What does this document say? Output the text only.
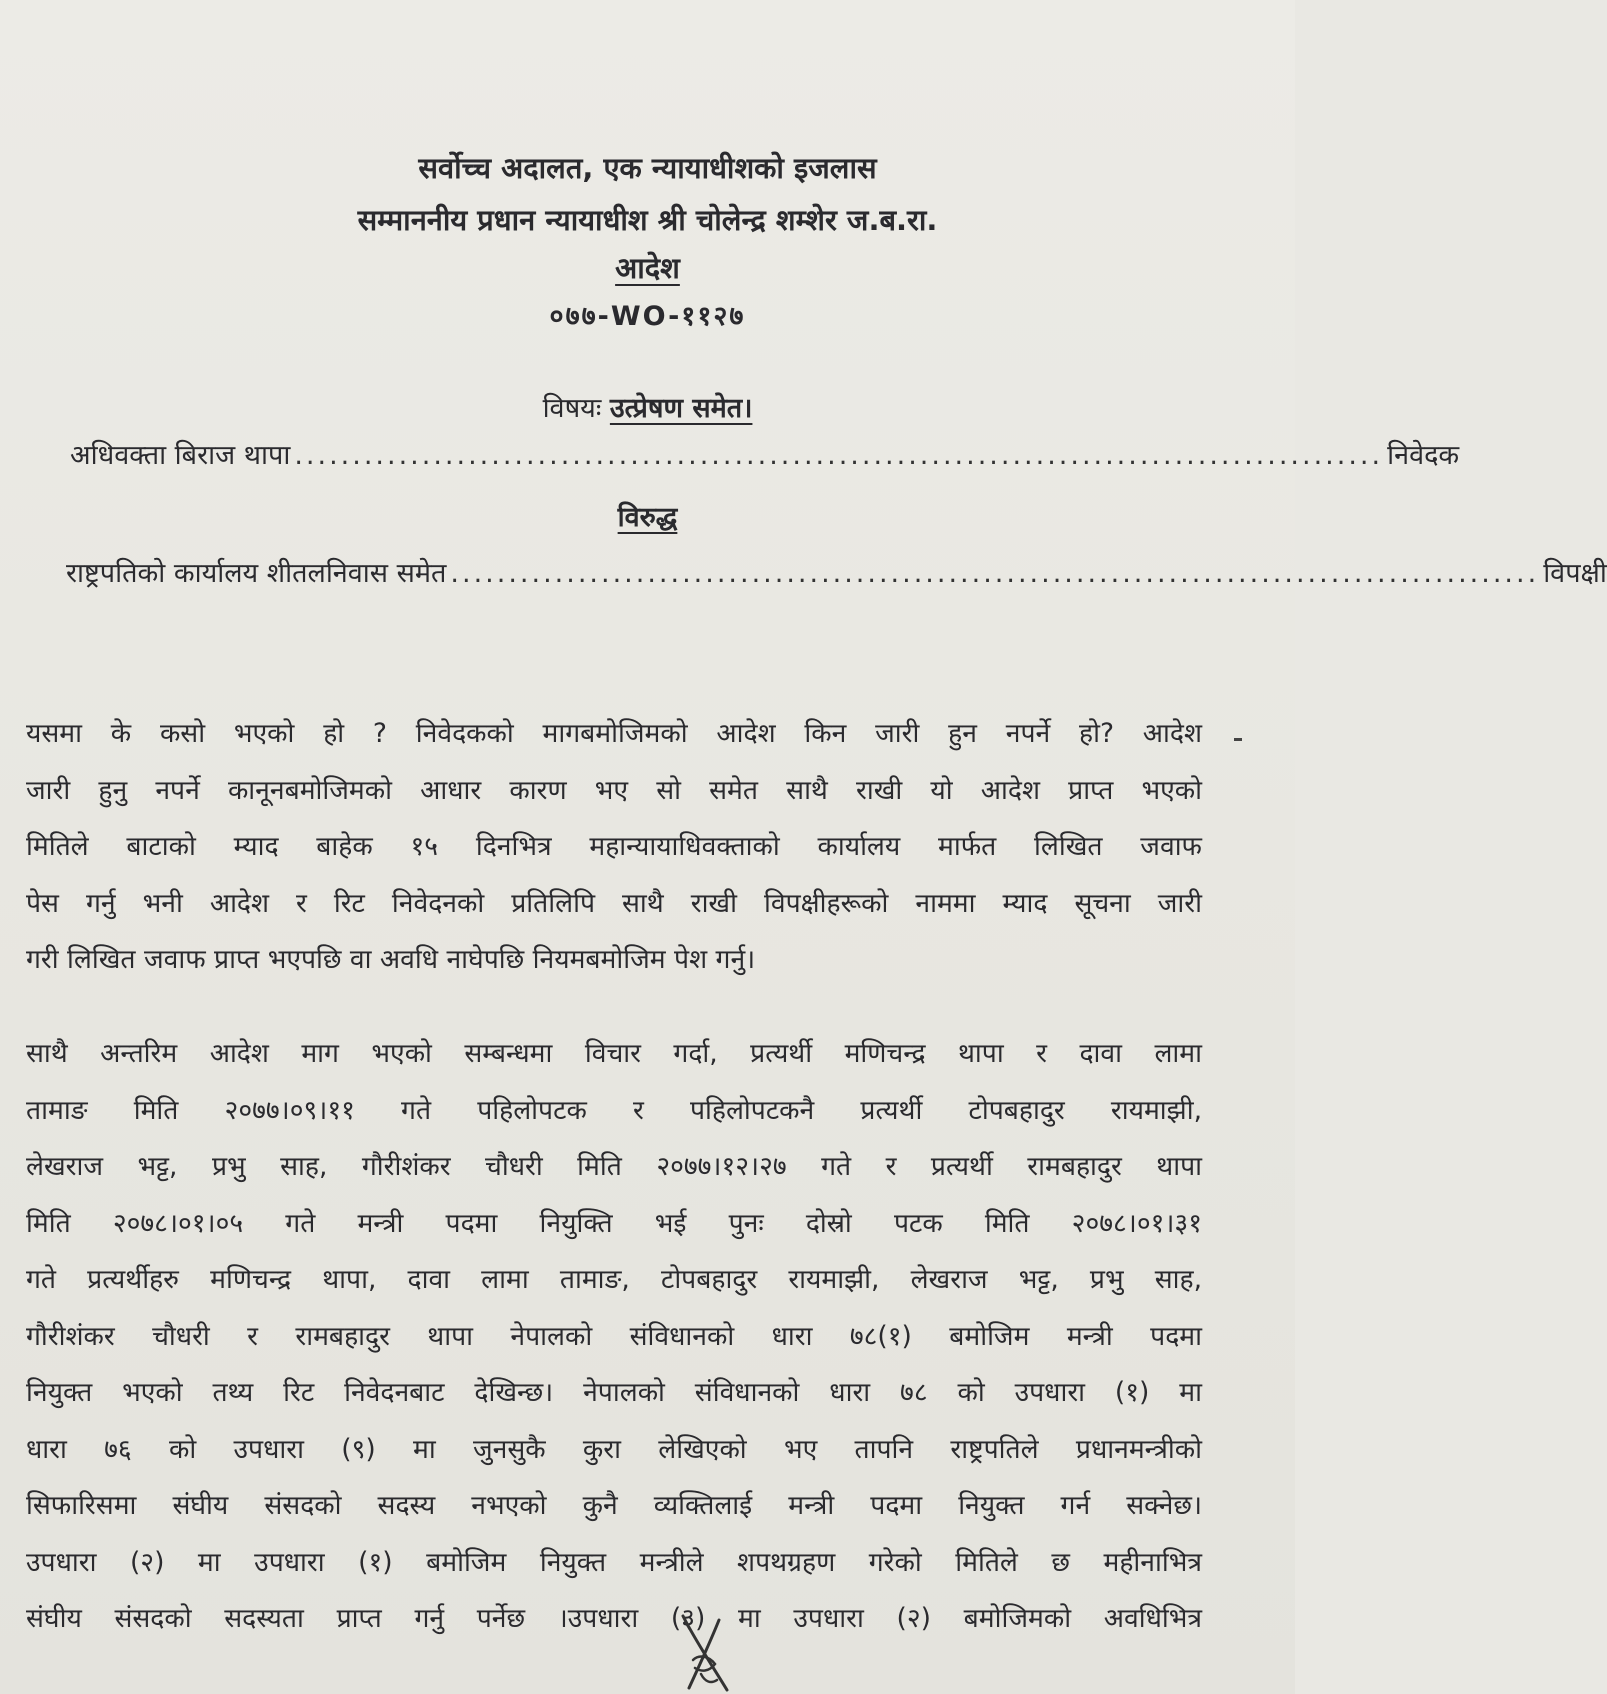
सर्वोच्च अदालत, एक न्यायाधीशको इजलास
सम्माननीय प्रधान न्यायाधीश श्री चोलेन्द्र शम्शेर ज.ब.रा.
आदेश
०७७-WO-११२७
विषयः उत्प्रेषण समेत।
अधिवक्ता बिराज थापा .............................................................................................. निवेदक
विरुद्ध
राष्ट्रपतिको कार्यालय शीतलनिवास समेत .............................................................................................. विपक्षी
यसमा के कसो भएको हो ? निवेदकको मागबमोजिमको आदेश किन जारी हुन नपर्ने हो? आदेश
जारी हुनु नपर्ने कानूनबमोजिमको आधार कारण भए सो समेत साथै राखी यो आदेश प्राप्त भएको
मितिले बाटाको म्याद बाहेक १५ दिनभित्र महान्यायाधिवक्ताको कार्यालय मार्फत लिखित जवाफ
पेस गर्नु भनी आदेश र रिट निवेदनको प्रतिलिपि साथै राखी विपक्षीहरूको नाममा म्याद सूचना जारी
गरी लिखित जवाफ प्राप्त भएपछि वा अवधि नाघेपछि नियमबमोजिम पेश गर्नु।
साथै अन्तरिम आदेश माग भएको सम्बन्धमा विचार गर्दा, प्रत्यर्थी मणिचन्द्र थापा र दावा लामा
तामाङ मिति २०७७।०९।११ गते पहिलोपटक र पहिलोपटकनै प्रत्यर्थी टोपबहादुर रायमाझी,
लेखराज भट्ट, प्रभु साह, गौरीशंकर चौधरी मिति २०७७।१२।२७ गते र प्रत्यर्थी रामबहादुर थापा
मिति २०७८।०१।०५ गते मन्त्री पदमा नियुक्ति भई पुनः दोस्रो पटक मिति २०७८।०१।३१
गते प्रत्यर्थीहरु मणिचन्द्र थापा, दावा लामा तामाङ, टोपबहादुर रायमाझी, लेखराज भट्ट, प्रभु साह,
गौरीशंकर चौधरी र रामबहादुर थापा नेपालको संविधानको धारा ७८(१) बमोजिम मन्त्री पदमा
नियुक्त भएको तथ्य रिट निवेदनबाट देखिन्छ। नेपालको संविधानको धारा ७८ को उपधारा (१) मा
धारा ७६ को उपधारा (९) मा जुनसुकै कुरा लेखिएको भए तापनि राष्ट्रपतिले प्रधानमन्त्रीको
सिफारिसमा संघीय संसदको सदस्य नभएको कुनै व्यक्तिलाई मन्त्री पदमा नियुक्त गर्न सक्नेछ।
उपधारा (२) मा उपधारा (१) बमोजिम नियुक्त मन्त्रीले शपथग्रहण गरेको मितिले छ महीनाभित्र
संघीय संसदको सदस्यता प्राप्त गर्नु पर्नेछ ।उपधारा (३) मा उपधारा (२) बमोजिमको अवधिभित्र
